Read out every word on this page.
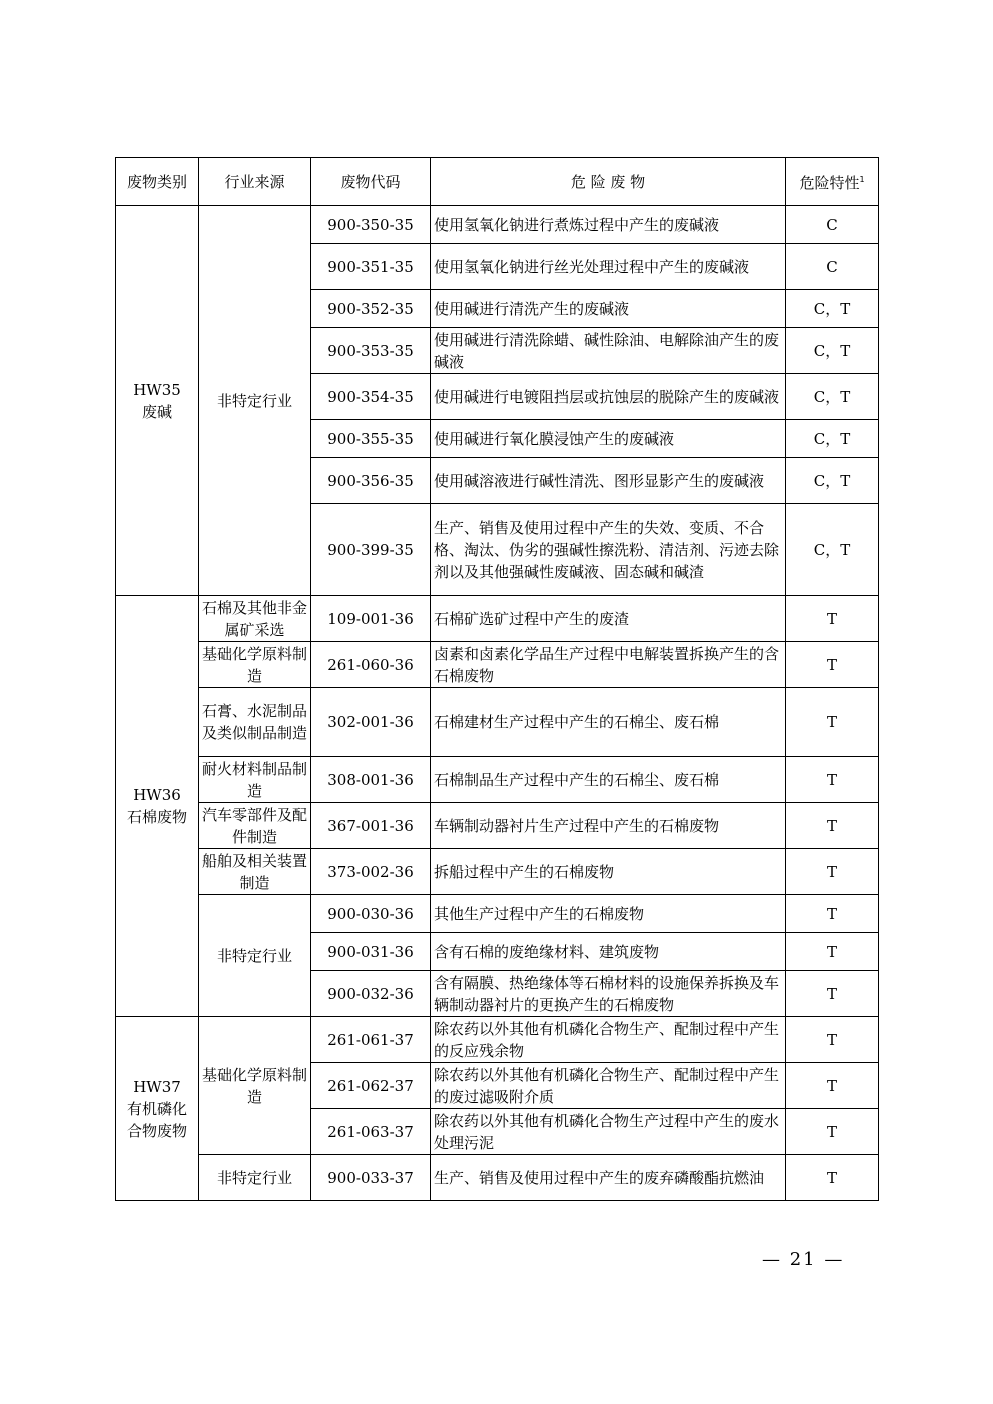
废物类别	行业来源	废物代码	危 险 废 物	危险特性$^1$
HW35
废碱	非特定行业	900-350-35	使用氢氧化钠进行煮炼过程中产生的废碱液	C
		900-351-35	使用氢氧化钠进行丝光处理过程中产生的废碱液	C
		900-352-35	使用碱进行清洗产生的废碱液	C，T
		900-353-35	使用碱进行清洗除蜡、碱性除油、电解除油产生的废碱液	C，T
		900-354-35	使用碱进行电镀阻挡层或抗蚀层的脱除产生的废碱液	C，T
		900-355-35	使用碱进行氧化膜浸蚀产生的废碱液	C，T
		900-356-35	使用碱溶液进行碱性清洗、图形显影产生的废碱液	C，T
		900-399-35	生产、销售及使用过程中产生的失效、变质、不合格、淘汰、伪劣的强碱性擦洗粉、清洁剂、污迹去除剂以及其他强碱性废碱液、固态碱和碱渣	C，T
HW36
石棉废物	石棉及其他非金属矿采选	109-001-36	石棉矿选矿过程中产生的废渣	T
	基础化学原料制造	261-060-36	卤素和卤素化学品生产过程中电解装置拆换产生的含石棉废物	T
	石膏、水泥制品及类似制品制造	302-001-36	石棉建材生产过程中产生的石棉尘、废石棉	T
	耐火材料制品制造	308-001-36	石棉制品生产过程中产生的石棉尘、废石棉	T
	汽车零部件及配件制造	367-001-36	车辆制动器衬片生产过程中产生的石棉废物	T
	船舶及相关装置制造	373-002-36	拆船过程中产生的石棉废物	T
	非特定行业	900-030-36	其他生产过程中产生的石棉废物	T
		900-031-36	含有石棉的废绝缘材料、建筑废物	T
		900-032-36	含有隔膜、热绝缘体等石棉材料的设施保养拆换及车辆制动器衬片的更换产生的石棉废物	T
HW37
有机磷化
合物废物	基础化学原料制造	261-061-37	除农药以外其他有机磷化合物生产、配制过程中产生的反应残余物	T
		261-062-37	除农药以外其他有机磷化合物生产、配制过程中产生的废过滤吸附介质	T
		261-063-37	除农药以外其他有机磷化合物生产过程中产生的废水处理污泥	T
	非特定行业	900-033-37	生产、销售及使用过程中产生的废弃磷酸酯抗燃油	T
— 21 —
